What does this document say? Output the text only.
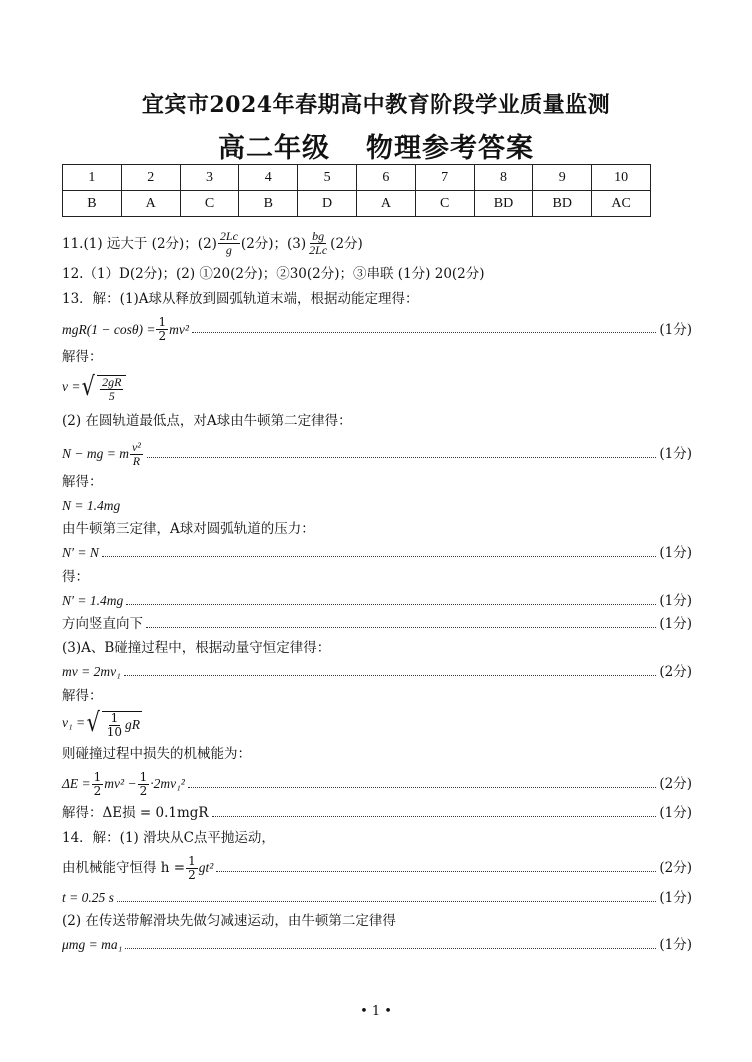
宜宾市2024年春期高中教育阶段学业质量监测
高二年级 物理参考答案
1	2	3	4	5	6	7	8	9	10
B	A	C	B	D	A	C	BD	BD	AC
11.(1) 远大于 (2分)；$(2) \frac{2Lc}{g} (2$分)；$(3) \frac{bg}{2Lc} (2$分)
12.（1）D(2分)；(2) ①20(2分)；②30(2分)；③串联 (1分) 20(2分)
13．解：(1)A球从释放到圆弧轨道末端，根据动能定理得：
$mgR(1 - \cos\theta) = \frac{1}{2} mv^2$	(1分)
解得：
v = √ $\frac{2gR}{5}$
(2) 在圆轨道最低点，对A球由牛顿第二定律得：
N − mg = m $\frac{\text{v²}}{R}$	(1分)
解得：
N = 1.4mg
由牛顿第三定律，A球对圆弧轨道的压力：
N′ = N	(1分)
得：
N′ = 1.4mg	(1分)
方向竖直向下	(1分)
(3)A、B碰撞过程中，根据动量守恒定律得：
mv = 2mv₁	(2分)
解得：
v₁ = √ $\frac{1}{10}$ gR
则碰撞过程中损失的机械能为：
$\Delta E = \frac{1}{2} mv^2 - \frac{1}{2} \cdot 2mv_1^2$	(2分)
解得：ΔE损 = 0.1mgR	(1分)
14．解：(1) 滑块从C点平抛运动，
由机械能守恒得 $h = \frac{1}{2} gt^2$	(2分)
t = 0.25 s	(1分)
(2) 在传送带解滑块先做匀减速运动，由牛顿第二定律得
μmg = ma₁	(1分)
• 1 •
